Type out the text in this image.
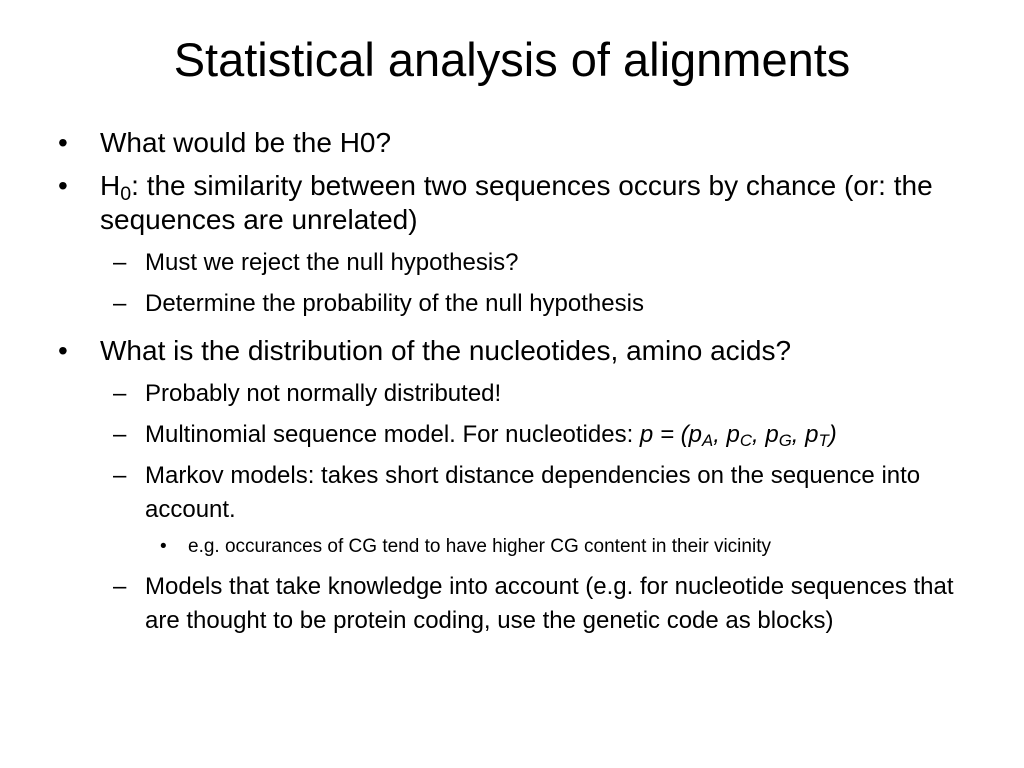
Statistical analysis of alignments
• What would be the H0?
• $H_0$: the similarity between two sequences occurs by chance (or: the sequences are unrelated)
– Must we reject the null hypothesis?
– Determine the probability of the null hypothesis
• What is the distribution of the nucleotides, amino acids?
– Probably not normally distributed!
– Multinomial sequence model. For nucleotides: $p = (p_A$, $p_C$, $p_G$, $p_T$)
– Markov models: takes short distance dependencies on the sequence into account.
• e.g. occurances of CG tend to have higher CG content in their vicinity
– Models that take knowledge into account (e.g. for nucleotide sequences that are thought to be protein coding, use the genetic code as blocks)
